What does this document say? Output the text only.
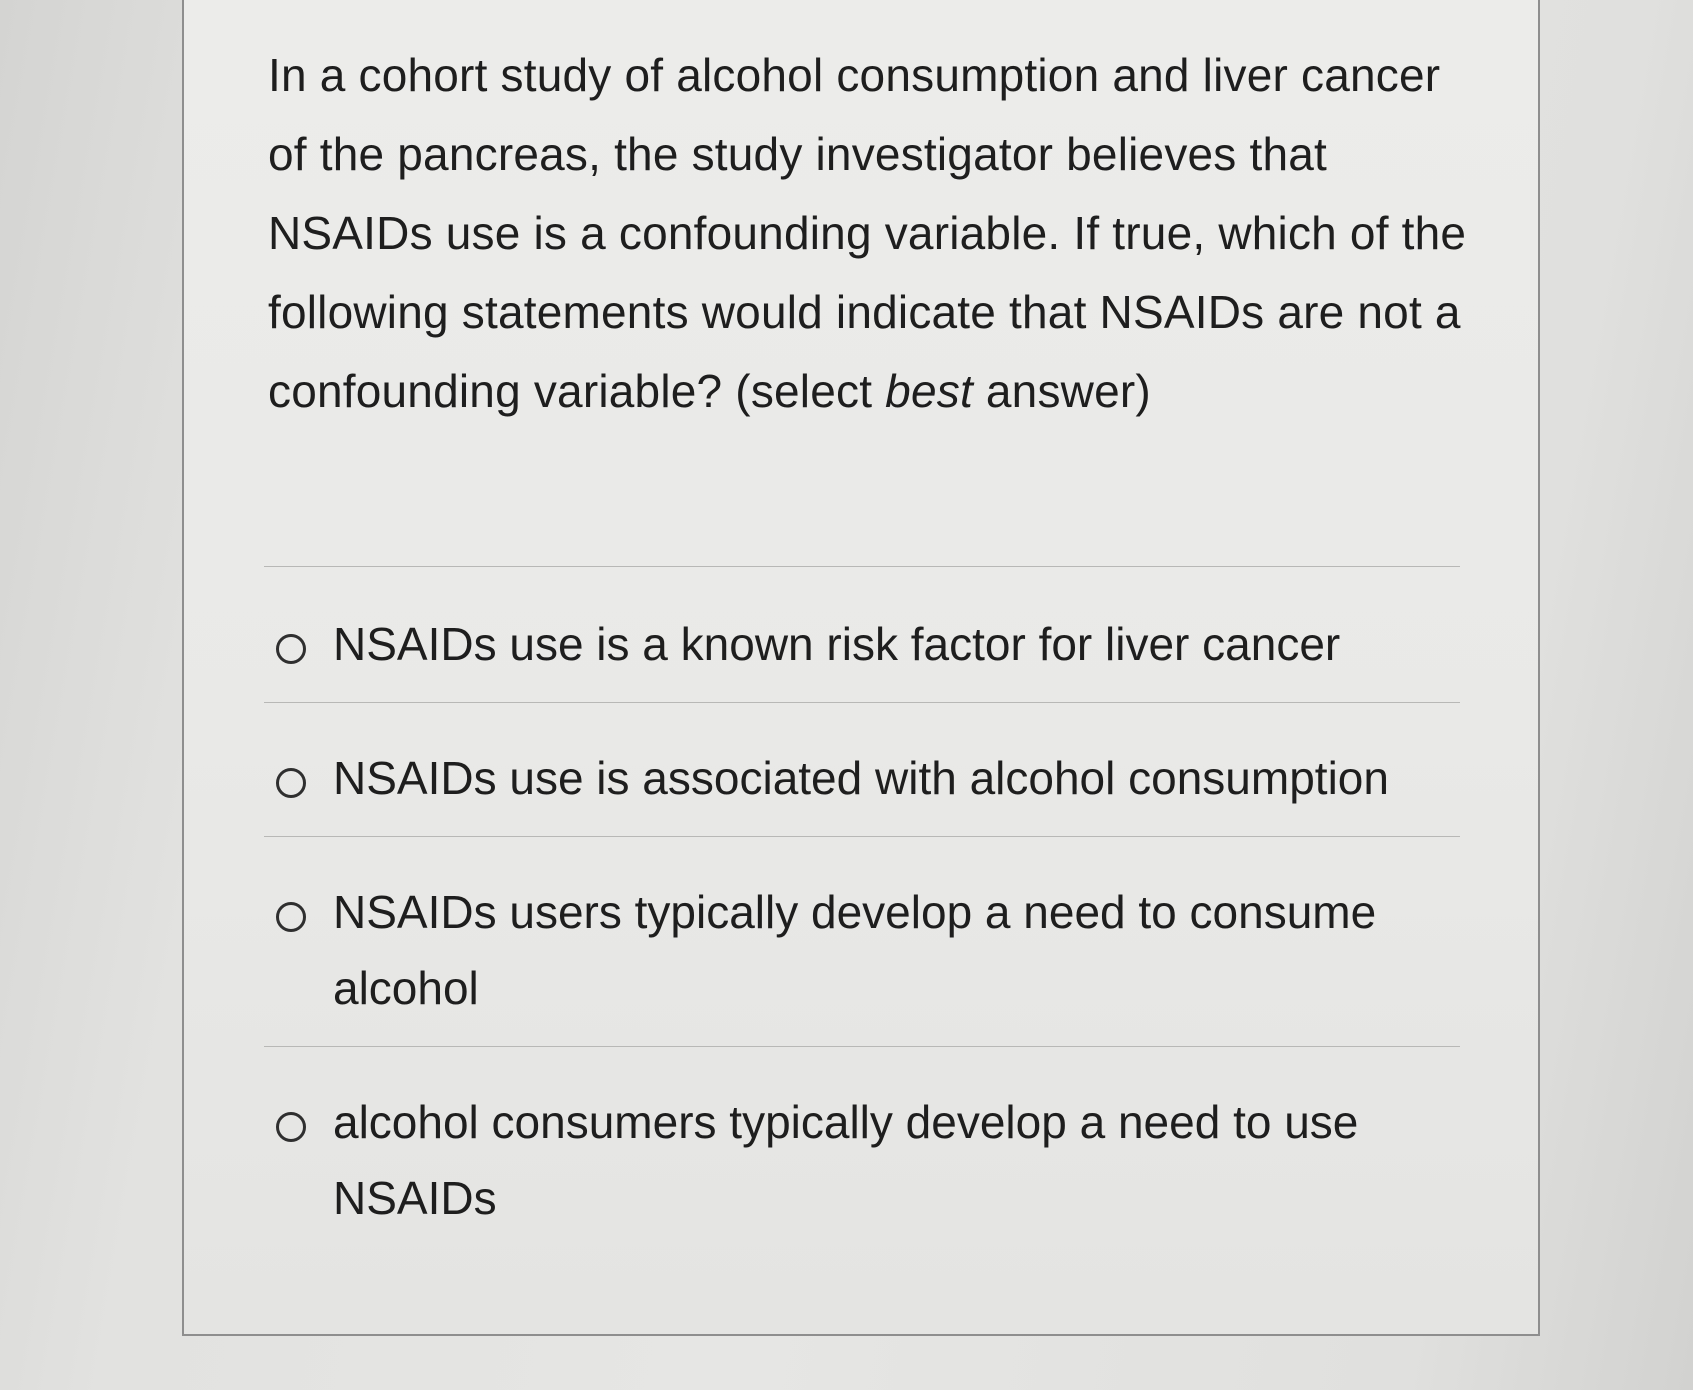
In a cohort study of alcohol consumption and liver cancer of the pancreas, the study investigator believes that NSAIDs use is a confounding variable. If true, which of the following statements would indicate that NSAIDs are not a confounding variable? (select best answer)

NSAIDs use is a known risk factor for liver cancer
NSAIDs use is associated with alcohol consumption
NSAIDs users typically develop a need to consume alcohol
alcohol consumers typically develop a need to use NSAIDs
